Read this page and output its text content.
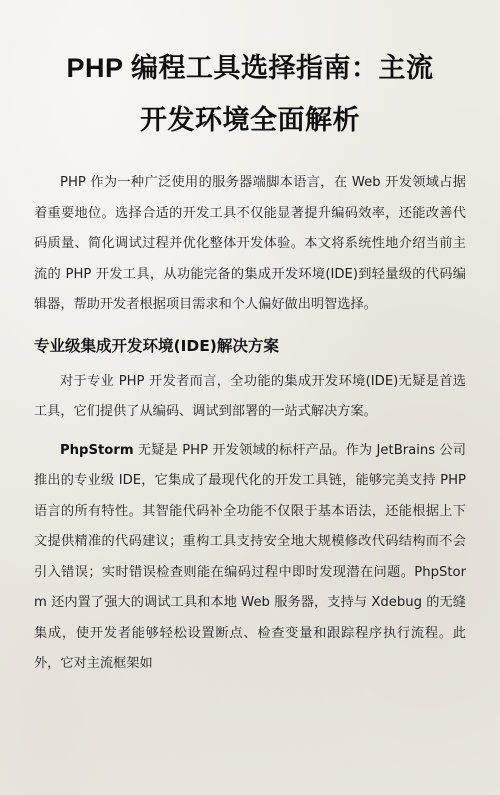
PHP 编程工具选择指南：主流
开发环境全面解析

PHP 作为一种广泛使用的服务器端脚本语言，在 Web 开发领域占据着重要地位。选择合适的开发工具不仅能显著提升编码效率，还能改善代码质量、简化调试过程并优化整体开发体验。本文将系统性地介绍当前主流的 PHP 开发工具，从功能完备的集成开发环境(IDE)到轻量级的代码编辑器，帮助开发者根据项目需求和个人偏好做出明智选择。

专业级集成开发环境(IDE)解决方案

对于专业 PHP 开发者而言，全功能的集成开发环境(IDE)无疑是首选工具，它们提供了从编码、调试到部署的一站式解决方案。

PhpStorm 无疑是 PHP 开发领域的标杆产品。作为 JetBrains 公司推出的专业级 IDE，它集成了最现代化的开发工具链，能够完美支持 PHP 语言的所有特性。其智能代码补全功能不仅限于基本语法，还能根据上下文提供精准的代码建议；重构工具支持安全地大规模修改代码结构而不会引入错误；实时错误检查则能在编码过程中即时发现潜在问题。PhpStorm 还内置了强大的调试工具和本地 Web 服务器，支持与 Xdebug 的无缝集成，使开发者能够轻松设置断点、检查变量和跟踪程序执行流程。此外，它对主流框架如
